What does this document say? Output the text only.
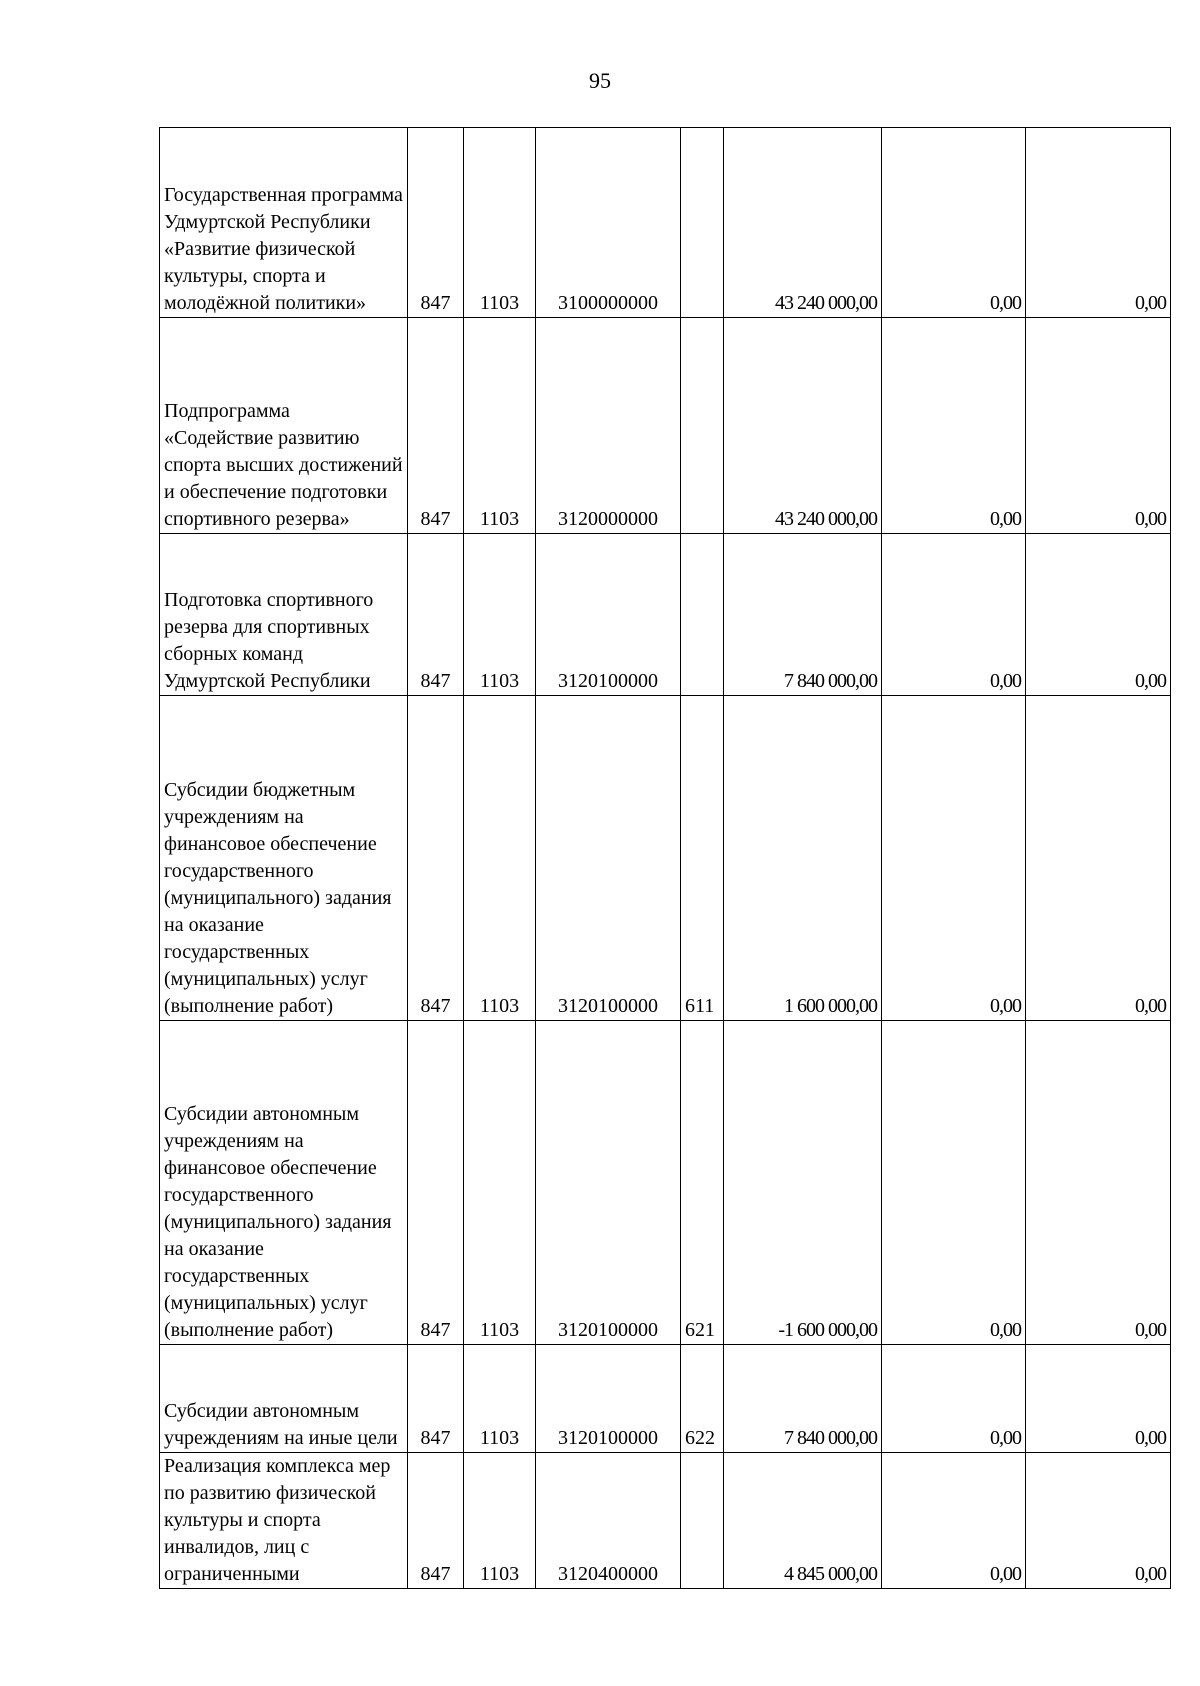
95
Государственная программа Удмуртской Республики «Развитие физической культуры, спорта и молодёжной политики»	847	1103	3100000000		43 240 000,00	0,00	0,00
Подпрограмма «Содействие развитию спорта высших достижений и обеспечение подготовки спортивного резерва»	847	1103	3120000000		43 240 000,00	0,00	0,00
Подготовка спортивного резерва для спортивных сборных команд Удмуртской Республики	847	1103	3120100000		7 840 000,00	0,00	0,00
Субсидии бюджетным учреждениям на финансовое обеспечение государственного (муниципального) задания на оказание государственных (муниципальных) услуг (выполнение работ)	847	1103	3120100000	611	1 600 000,00	0,00	0,00
Субсидии автономным учреждениям на финансовое обеспечение государственного (муниципального) задания на оказание государственных (муниципальных) услуг (выполнение работ)	847	1103	3120100000	621	-1 600 000,00	0,00	0,00
Субсидии автономным учреждениям на иные цели	847	1103	3120100000	622	7 840 000,00	0,00	0,00
Реализация комплекса мер по развитию физической культуры и спорта инвалидов, лиц с ограниченными	847	1103	3120400000		4 845 000,00	0,00	0,00
